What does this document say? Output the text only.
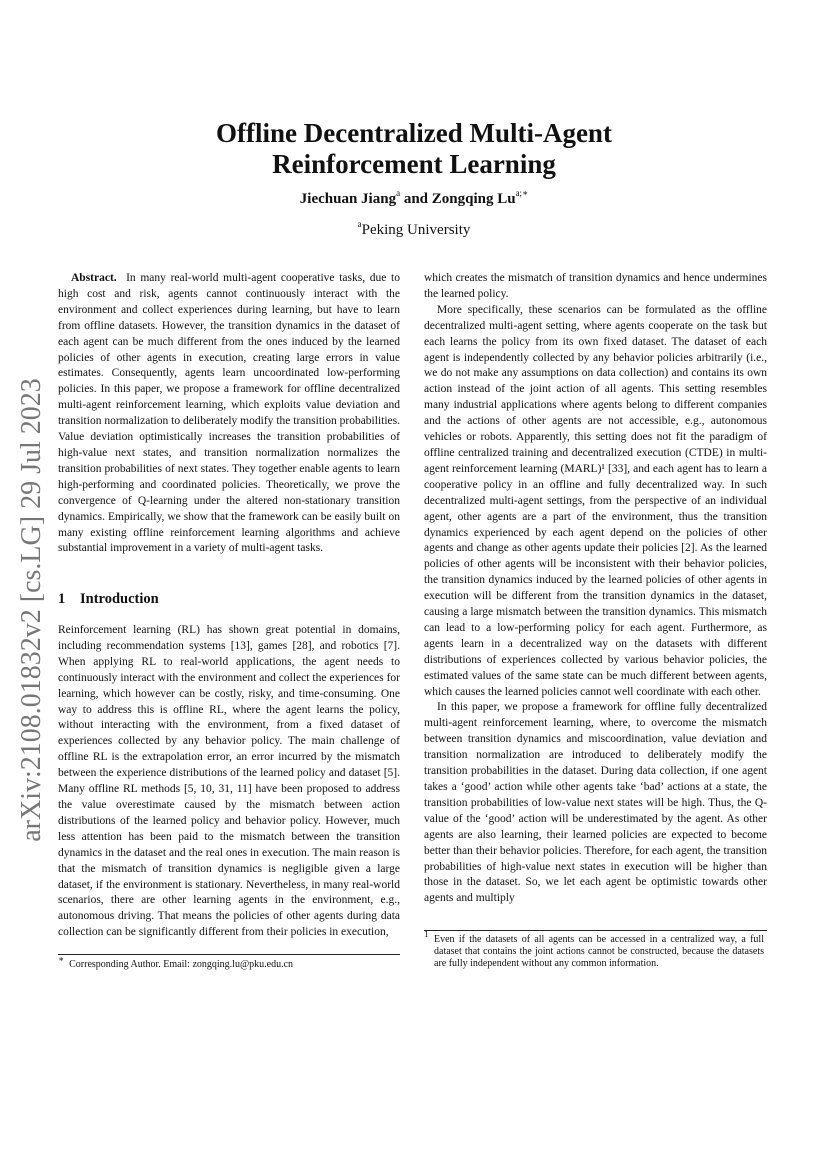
arXiv:2108.01832v2 [cs.LG] 29 Jul 2023
Offline Decentralized Multi-Agent
Reinforcement Learning
Jiechuan Jiang$^a$ and Zongqing $Lu^{a;∗}$
$^a$Peking University

Abstract. In many real-world multi-agent cooperative tasks, due to high cost and risk, agents cannot continuously interact with the environment and collect experiences during learning, but have to learn from offline datasets. However, the transition dynamics in the dataset of each agent can be much different from the ones induced by the learned policies of other agents in execution, creating large errors in value estimates. Consequently, agents learn uncoordinated low-performing policies. In this paper, we propose a framework for offline decentralized multi-agent reinforcement learning, which exploits value deviation and transition normalization to deliberately modify the transition probabilities. Value deviation optimistically increases the transition probabilities of high-value next states, and transition normalization normalizes the transition probabilities of next states. They together enable agents to learn high-performing and coordinated policies. Theoretically, we prove the convergence of Q-learning under the altered non-stationary transition dynamics. Empirically, we show that the framework can be easily built on many existing offline reinforcement learning algorithms and achieve substantial improvement in a variety of multi-agent tasks.

1 Introduction

Reinforcement learning (RL) has shown great potential in domains, including recommendation systems [13], games [28], and robotics [7]. When applying RL to real-world applications, the agent needs to continuously interact with the environment and collect the experiences for learning, which however can be costly, risky, and time-consuming. One way to address this is offline RL, where the agent learns the policy, without interacting with the environment, from a fixed dataset of experiences collected by any behavior policy. The main challenge of offline RL is the extrapolation error, an error incurred by the mismatch between the experience distributions of the learned policy and dataset [5]. Many offline RL methods [5, 10, 31, 11] have been proposed to address the value overestimate caused by the mismatch between action distributions of the learned policy and behavior policy. However, much less attention has been paid to the mismatch between the transition dynamics in the dataset and the real ones in execution. The main reason is that the mismatch of transition dynamics is negligible given a large dataset, if the environment is stationary. Nevertheless, in many real-world scenarios, there are other learning agents in the environment, e.g., autonomous driving. That means the policies of other agents during data collection can be significantly different from their policies in execution,

which creates the mismatch of transition dynamics and hence undermines the learned policy.

More specifically, these scenarios can be formulated as the offline decentralized multi-agent setting, where agents cooperate on the task but each learns the policy from its own fixed dataset. The dataset of each agent is independently collected by any behavior policies arbitrarily (i.e., we do not make any assumptions on data collection) and contains its own action instead of the joint action of all agents. This setting resembles many industrial applications where agents belong to different companies and the actions of other agents are not accessible, e.g., autonomous vehicles or robots. Apparently, this setting does not fit the paradigm of offline centralized training and decentralized execution (CTDE) in multi-agent reinforcement learning (MARL)¹ [33], and each agent has to learn a cooperative policy in an offline and fully decentralized way. In such decentralized multi-agent settings, from the perspective of an individual agent, other agents are a part of the environment, thus the transition dynamics experienced by each agent depend on the policies of other agents and change as other agents update their policies [2]. As the learned policies of other agents will be inconsistent with their behavior policies, the transition dynamics induced by the learned policies of other agents in execution will be different from the transition dynamics in the dataset, causing a large mismatch between the transition dynamics. This mismatch can lead to a low-performing policy for each agent. Furthermore, as agents learn in a decentralized way on the datasets with different distributions of experiences collected by various behavior policies, the estimated values of the same state can be much different between agents, which causes the learned policies cannot well coordinate with each other.

In this paper, we propose a framework for offline fully decentralized multi-agent reinforcement learning, where, to overcome the mismatch between transition dynamics and miscoordination, value deviation and transition normalization are introduced to deliberately modify the transition probabilities in the dataset. During data collection, if one agent takes a ‘good’ action while other agents take ‘bad’ actions at a state, the transition probabilities of low-value next states will be high. Thus, the Q-value of the ‘good’ action will be underestimated by the agent. As other agents are also learning, their learned policies are expected to become better than their behavior policies. Therefore, for each agent, the transition probabilities of high-value next states in execution will be higher than those in the dataset. So, we let each agent be optimistic towards other agents and multiply

∗  Corresponding Author. Email: zongqing.lu@pku.edu.cn
$^1$Even if the datasets of all agents can be accessed in a centralized way, a full dataset that contains the joint actions cannot be constructed, because the datasets are fully independent without any common information.
